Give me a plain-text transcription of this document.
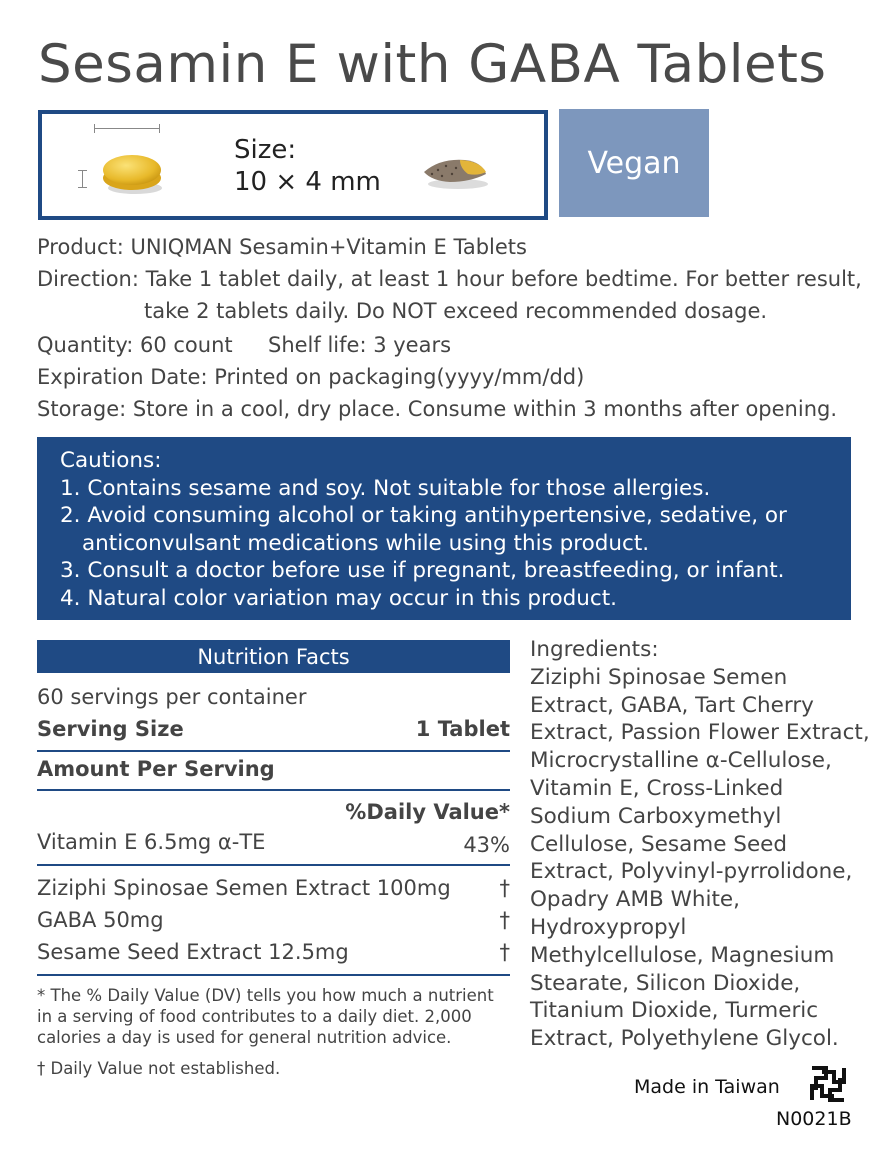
Sesamin E with GABA Tablets
Size:
10 × 4 mm
Vegan
Product: UNIQMAN Sesamin+Vitamin E Tablets
Direction: Take 1 tablet daily, at least 1 hour before bedtime. For better result,
take 2 tablets daily. Do NOT exceed recommended dosage.
Quantity: 60 count Shelf life: 3 years
Expiration Date: Printed on packaging(yyyy/mm/dd)
Storage: Store in a cool, dry place. Consume within 3 months after opening.
Cautions:
1. Contains sesame and soy. Not suitable for those allergies.
2. Avoid consuming alcohol or taking antihypertensive, sedative, or
anticonvulsant medications while using this product.
3. Consult a doctor before use if pregnant, breastfeeding, or infant.
4. Natural color variation may occur in this product.
Nutrition Facts
60 servings per container
Serving Size	1 Tablet
Amount Per Serving
%Daily Value*
Vitamin E 6.5mg α-TE	43%
Ziziphi Spinosae Semen Extract 100mg †
GABA 50mg	†
Sesame Seed Extract 12.5mg	†
* The % Daily Value (DV) tells you how much a nutrient
in a serving of food contributes to a daily diet. 2,000
calories a day is used for general nutrition advice.
† Daily Value not established.
Ingredients:
Ziziphi Spinosae Semen
Extract, GABA, Tart Cherry
Extract, Passion Flower Extract,
Microcrystalline α-Cellulose,
Vitamin E, Cross-Linked
Sodium Carboxymethyl
Cellulose, Sesame Seed
Extract, Polyvinyl-pyrrolidone,
Opadry AMB White,
Hydroxypropyl
Methylcellulose, Magnesium
Stearate, Silicon Dioxide,
Titanium Dioxide, Turmeric
Extract, Polyethylene Glycol.
Made in Taiwan
N0021B
